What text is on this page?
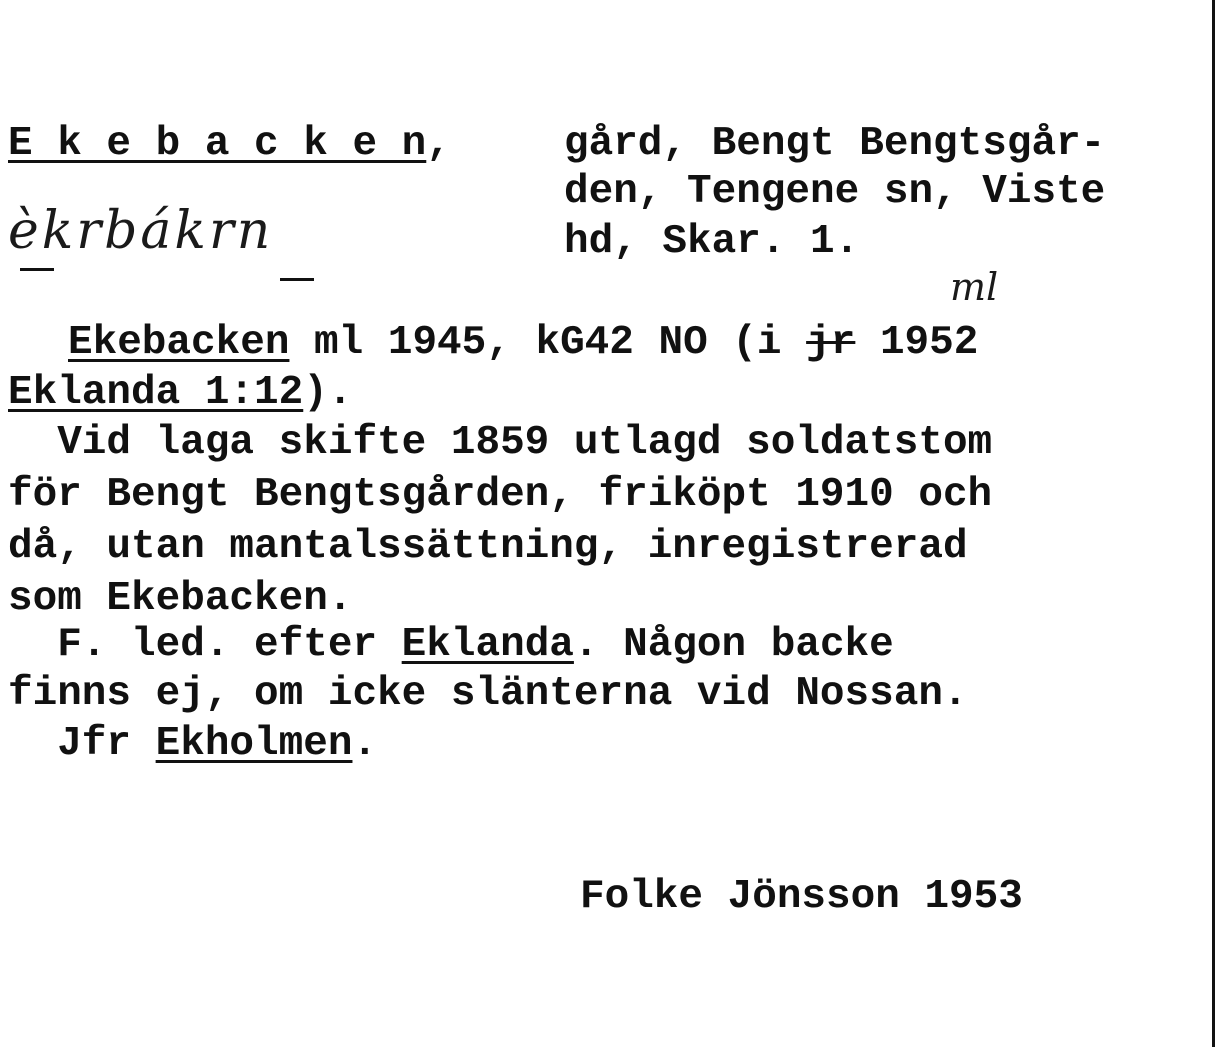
E k e b a c k e n,	gård, Bengt Bengtsgår-
den, Tengene sn, Viste
hd, Skar. 1.
èkrbákrn
ml
Ekebacken ml 1945, kG42 NO (i jr 1952
Eklanda 1:12).
Vid laga skifte 1859 utlagd soldatstom
för Bengt Bengtsgården, friköpt 1910 och
då, utan mantalssättning, inregistrerad
som Ekebacken.
F. led. efter Eklanda. Någon backe
finns ej, om icke slänterna vid Nossan.
Jfr Ekholmen.
Folke Jönsson 1953
